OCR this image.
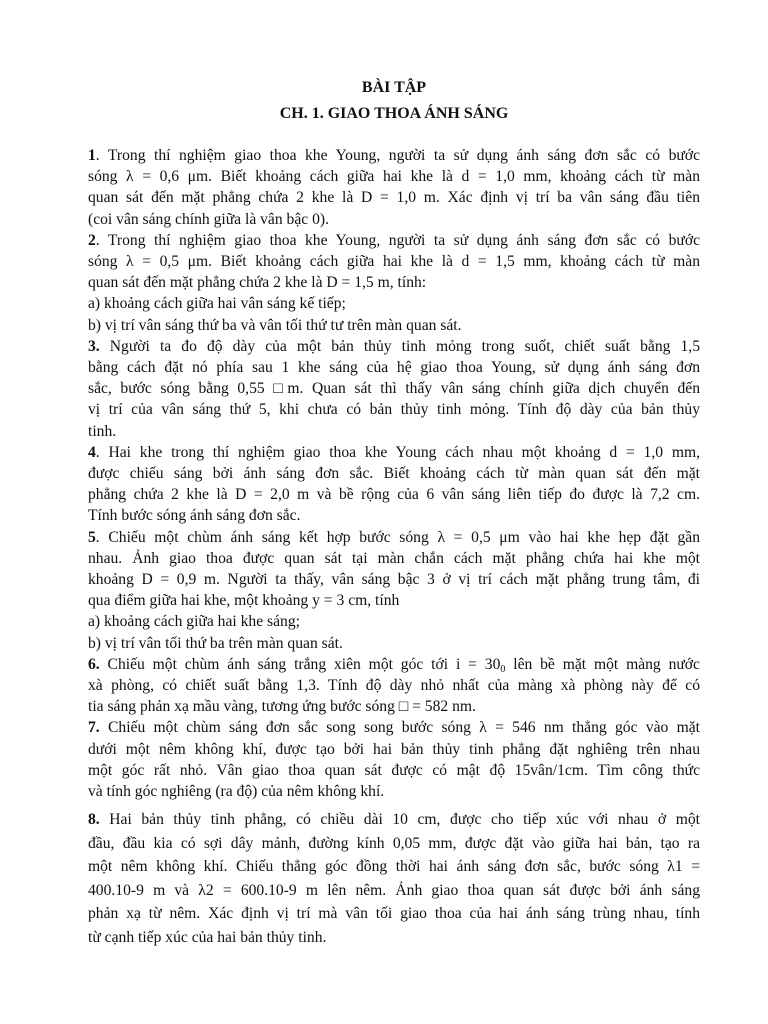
BÀI TẬP
CH. 1. GIAO THOA ÁNH SÁNG
1. Trong thí nghiệm giao thoa khe Young, người ta sử dụng ánh sáng đơn sắc có bước
sóng λ = 0,6 μm. Biết khoảng cách giữa hai khe là d = 1,0 mm, khoảng cách từ màn
quan sát đến mặt phẳng chứa 2 khe là D = 1,0 m. Xác định vị trí ba vân sáng đầu tiên
(coi vân sáng chính giữa là vân bậc 0).
2. Trong thí nghiệm giao thoa khe Young, người ta sử dụng ánh sáng đơn sắc có bước
sóng λ = 0,5 μm. Biết khoảng cách giữa hai khe là d = 1,5 mm, khoảng cách từ màn
quan sát đến mặt phẳng chứa 2 khe là D = 1,5 m, tính:
a) khoảng cách giữa hai vân sáng kế tiếp;
b) vị trí vân sáng thứ ba và vân tối thứ tư trên màn quan sát.
3. Người ta đo độ dày của một bản thủy tinh mỏng trong suốt, chiết suất bằng 1,5
bằng cách đặt nó phía sau 1 khe sáng của hệ giao thoa Young, sử dụng ánh sáng đơn
sắc, bước sóng bằng 0,55 □m. Quan sát thì thấy vân sáng chính giữa dịch chuyển đến
vị trí của vân sáng thứ 5, khi chưa có bản thủy tinh mỏng. Tính độ dày của bản thủy
tinh.
4. Hai khe trong thí nghiệm giao thoa khe Young cách nhau một khoảng d = 1,0 mm,
được chiếu sáng bởi ánh sáng đơn sắc. Biết khoảng cách từ màn quan sát đến mặt
phẳng chứa 2 khe là D = 2,0 m và bề rộng của 6 vân sáng liên tiếp đo được là 7,2 cm.
Tính bước sóng ánh sáng đơn sắc.
5. Chiếu một chùm ánh sáng kết hợp bước sóng λ = 0,5 μm vào hai khe hẹp đặt gần
nhau. Ảnh giao thoa được quan sát tại màn chắn cách mặt phẳng chứa hai khe một
khoảng D = 0,9 m. Người ta thấy, vân sáng bậc 3 ở vị trí cách mặt phẳng trung tâm, đi
qua điểm giữa hai khe, một khoảng y = 3 cm, tính
a) khoảng cách giữa hai khe sáng;
b) vị trí vân tối thứ ba trên màn quan sát.
6. Chiếu một chùm ánh sáng trắng xiên một góc tới $i = 30_0$ lên bề mặt một màng nước
xà phòng, có chiết suất bằng 1,3. Tính độ dày nhỏ nhất của màng xà phòng này để có
tia sáng phản xạ mầu vàng, tương ứng bước sóng □ = 582 nm.
7. Chiếu một chùm sáng đơn sắc song song bước sóng λ = 546 nm thẳng góc vào mặt
dưới một nêm không khí, được tạo bởi hai bản thủy tinh phẳng đặt nghiêng trên nhau
một góc rất nhỏ. Vân giao thoa quan sát được có mật độ 15vân/1cm. Tìm công thức
và tính góc nghiêng (ra độ) của nêm không khí.
8. Hai bản thủy tinh phẳng, có chiều dài 10 cm, được cho tiếp xúc với nhau ở một
đầu, đầu kia có sợi dây mảnh, đường kính 0,05 mm, được đặt vào giữa hai bản, tạo ra
một nêm không khí. Chiếu thẳng góc đồng thời hai ánh sáng đơn sắc, bước sóng λ1 =
400.10-9 m và λ2 = 600.10-9 m lên nêm. Ảnh giao thoa quan sát được bởi ánh sáng
phản xạ từ nêm. Xác định vị trí mà vân tối giao thoa của hai ánh sáng trùng nhau, tính
từ cạnh tiếp xúc của hai bản thủy tinh.
